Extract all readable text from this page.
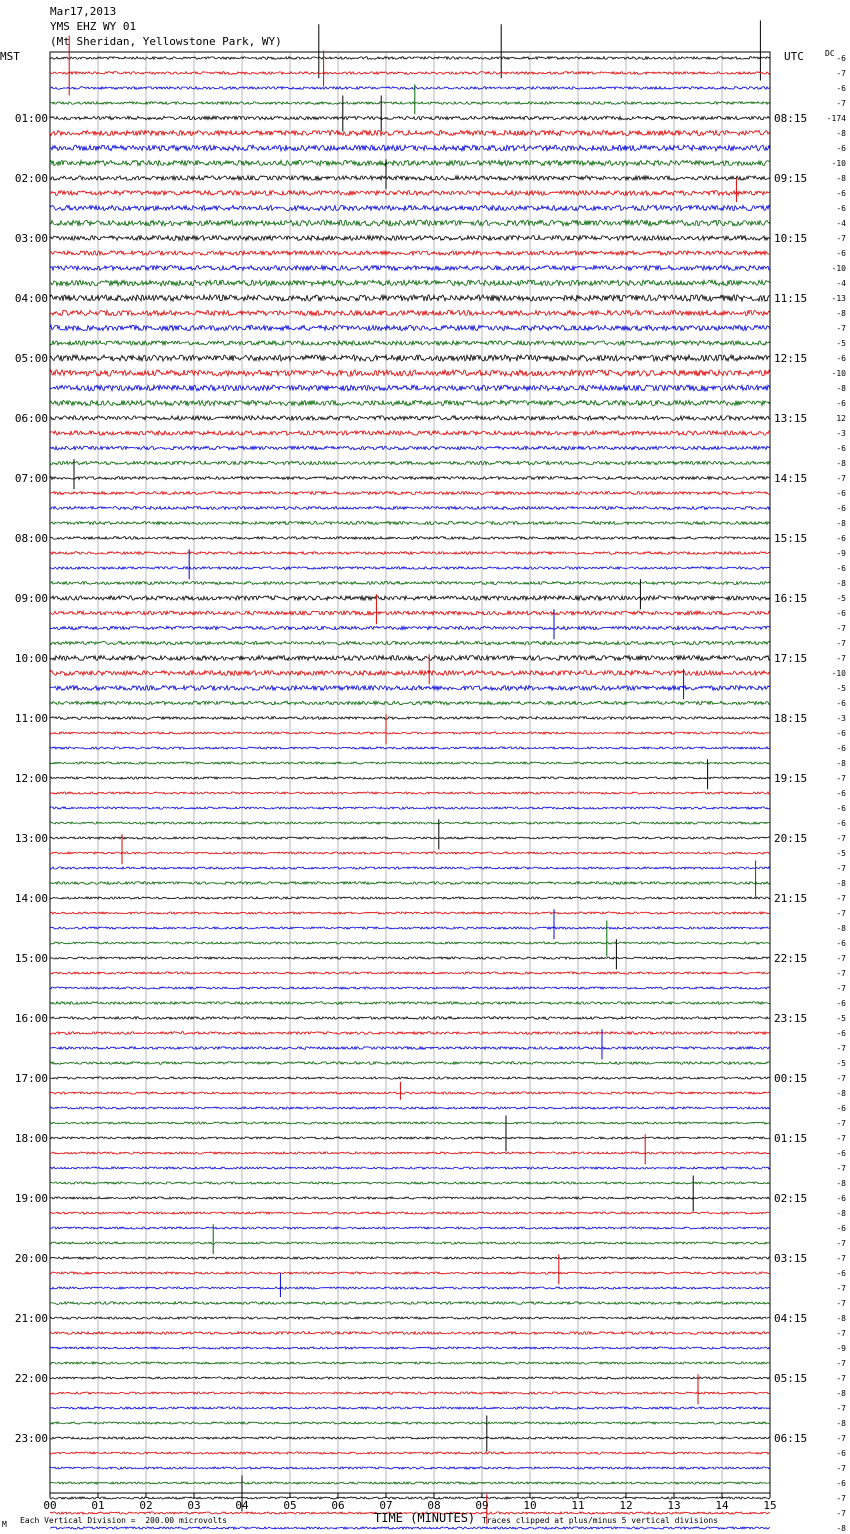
Mar17,2013
YMS EHZ WY 01
(Mt Sheridan, Yellowstone Park, WY)
MST	UTC	DC
-6
-7
-6
-7
-174
-8
-6
-10
-8
-6
-6
-4
-7
-6
-10
-4
-13
-8
-7
-5
-6
-10
-8
-6
12
-3
-6
-8
-7
-6
-6
-8
-6
-9
-6
-8
-5
-6
-7
-7
-7
-10
-5
-6
-3
-6
-6
-8
-7
-6
-6
-6
-7
-5
-7
-8
-7
-7
-8
-6
-7
-7
-7
-6
-5
-6
-7
-5
-7
-8
-6
-7
-7
-6
-7
-8
-6
-8
-6
-7
-7
-6
-7
-7
-8
-7
-9
-7
-7
-8
-7
-8
-7
-6
-7
-6
-7
-7
-8
01:00	08:15
02:00	09:15
03:00	10:15
04:00	11:15
05:00	12:15
06:00	13:15
07:00	14:15
08:00	15:15
09:00	16:15
10:00	17:15
11:00	18:15
12:00	19:15
13:00	20:15
14:00	21:15
15:00	22:15
16:00	23:15
17:00	00:15
18:00	01:15
19:00	02:15
20:00	03:15
21:00	04:15
22:00	05:15
23:00	06:15
00	01	02	03	04	05	06	07	08	09	10	11	12	13	14	15
M Each Vertical Division =  200.00 microvolts	TIME (MINUTES) Traces clipped at plus/minus 5 vertical divisions
